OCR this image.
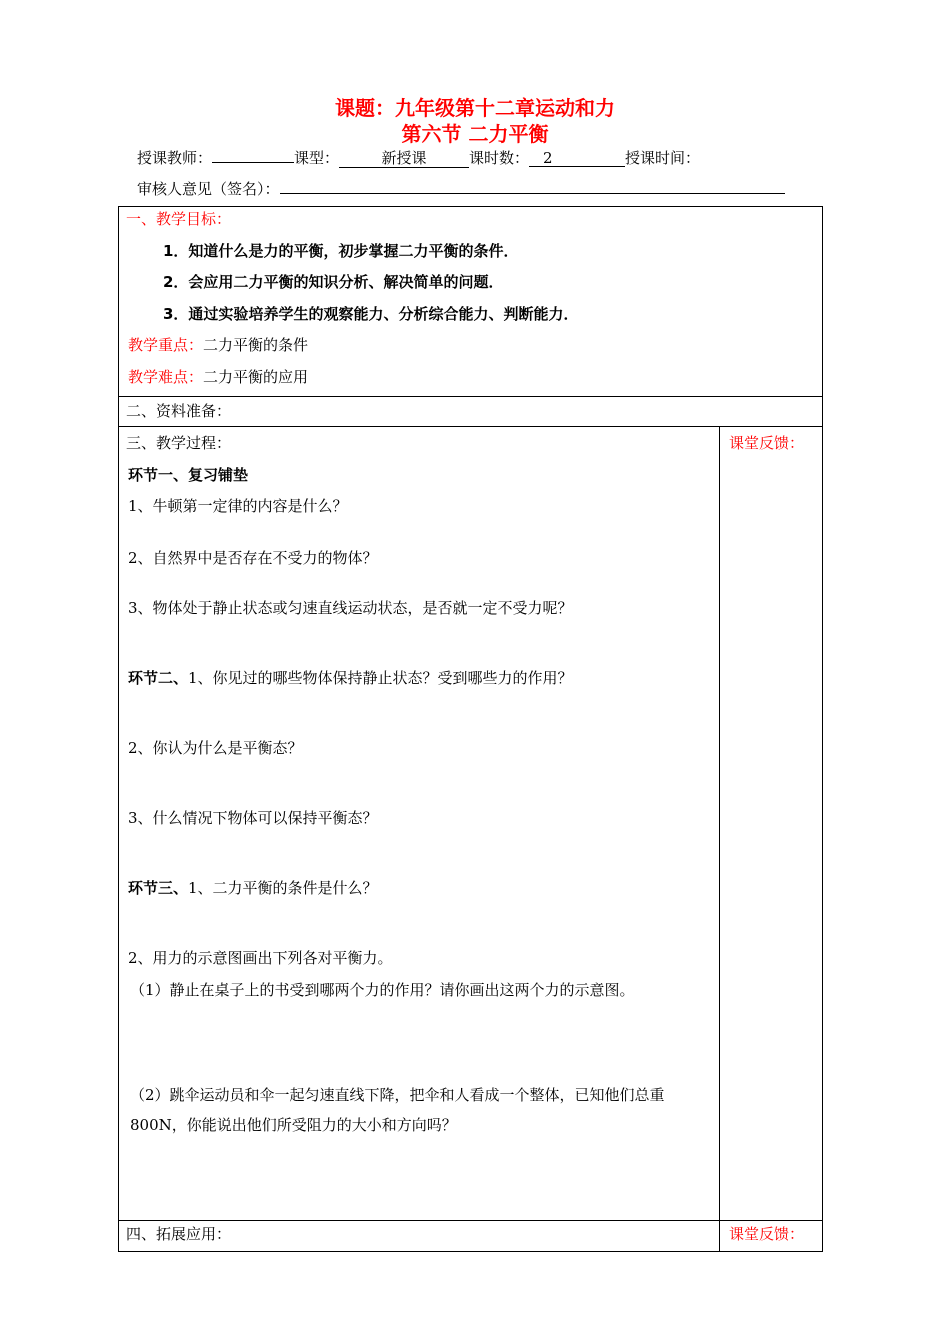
课题：九年级第十二章运动和力
第六节 二力平衡
授课教师：	课型：	新授课	课时数： 2	授课时间：
审核人意见（签名）：
一、教学目标：
1．知道什么是力的平衡，初步掌握二力平衡的条件．
2．会应用二力平衡的知识分析、解决简单的问题．
3．通过实验培养学生的观察能力、分析综合能力、判断能力．
教学重点：二力平衡的条件
教学难点：二力平衡的应用
二、资料准备：
三、教学过程：	课堂反馈：
环节一、复习铺垫
1、牛顿第一定律的内容是什么？
2、自然界中是否存在不受力的物体？
3、物体处于静止状态或匀速直线运动状态，是否就一定不受力呢？
环节二、1、你见过的哪些物体保持静止状态？受到哪些力的作用？
2、你认为什么是平衡态？
3、什么情况下物体可以保持平衡态？
环节三、1、二力平衡的条件是什么？
2、用力的示意图画出下列各对平衡力。
（1）静止在桌子上的书受到哪两个力的作用？请你画出这两个力的示意图。
（2）跳伞运动员和伞一起匀速直线下降，把伞和人看成一个整体，已知他们总重800N，你能说出他们所受阻力的大小和方向吗？
四、拓展应用：	课堂反馈：
